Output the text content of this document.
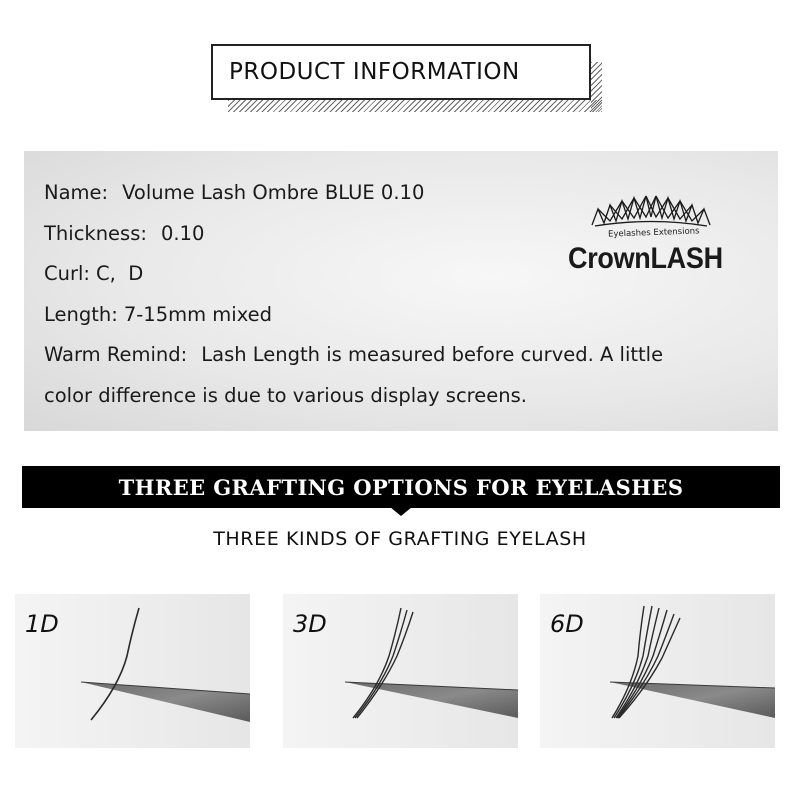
PRODUCT INFORMATION
Name: Volume Lash Ombre BLUE 0.10
Thickness: 0.10
Curl: C,  D
Length: 7-15mm mixed
Warm Remind: Lash Length is measured before curved. A little
color difference is due to various display screens.
Eyelashes Extensions
CrownLASH
THREE GRAFTING OPTIONS FOR EYELASHES
THREE KINDS OF GRAFTING EYELASH
1D	3D	6D
